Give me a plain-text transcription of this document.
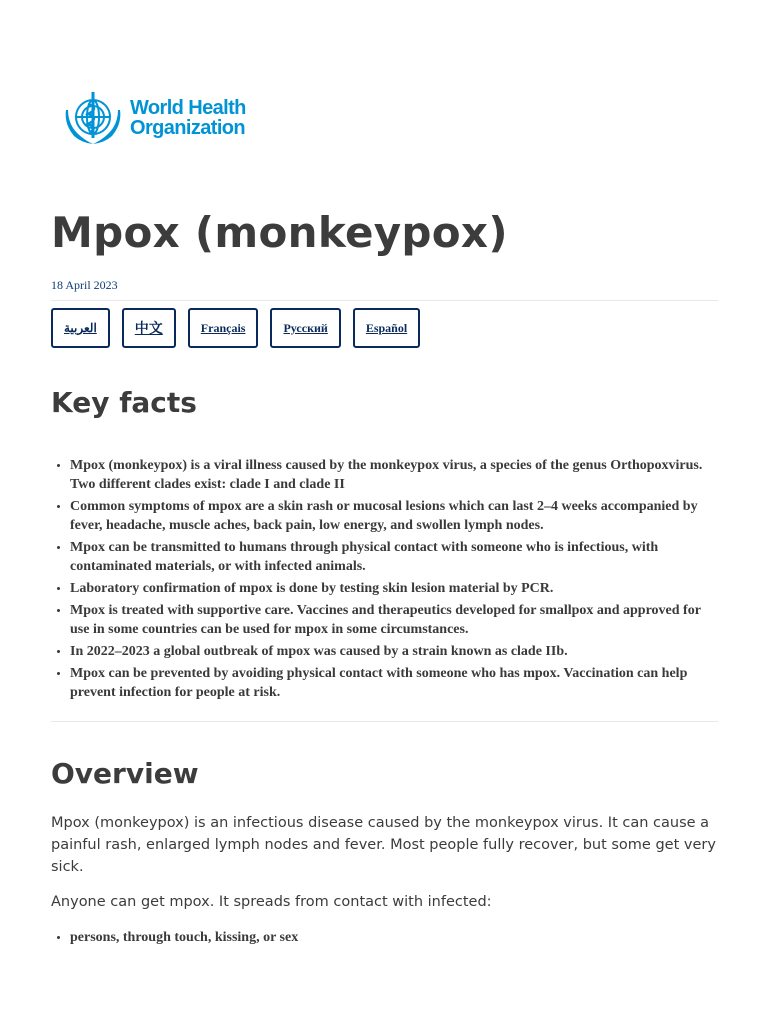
World Health
Organization
Mpox (monkeypox)
18 April 2023
العربية	中文	Français	Русский	Español
Key facts
• Mpox (monkeypox) is a viral illness caused by the monkeypox virus, a species of the genus Orthopoxvirus. Two different clades exist: clade I and clade II
• Common symptoms of mpox are a skin rash or mucosal lesions which can last 2–4 weeks accompanied by fever, headache, muscle aches, back pain, low energy, and swollen lymph nodes.
• Mpox can be transmitted to humans through physical contact with someone who is infectious, with contaminated materials, or with infected animals.
• Laboratory confirmation of mpox is done by testing skin lesion material by PCR.
• Mpox is treated with supportive care. Vaccines and therapeutics developed for smallpox and approved for use in some countries can be used for mpox in some circumstances.
• In 2022–2023 a global outbreak of mpox was caused by a strain known as clade IIb.
• Mpox can be prevented by avoiding physical contact with someone who has mpox. Vaccination can help prevent infection for people at risk.
Overview

Mpox (monkeypox) is an infectious disease caused by the monkeypox virus. It can cause a painful rash, enlarged lymph nodes and fever. Most people fully recover, but some get very sick.

Anyone can get mpox. It spreads from contact with infected:

• persons, through touch, kissing, or sex
